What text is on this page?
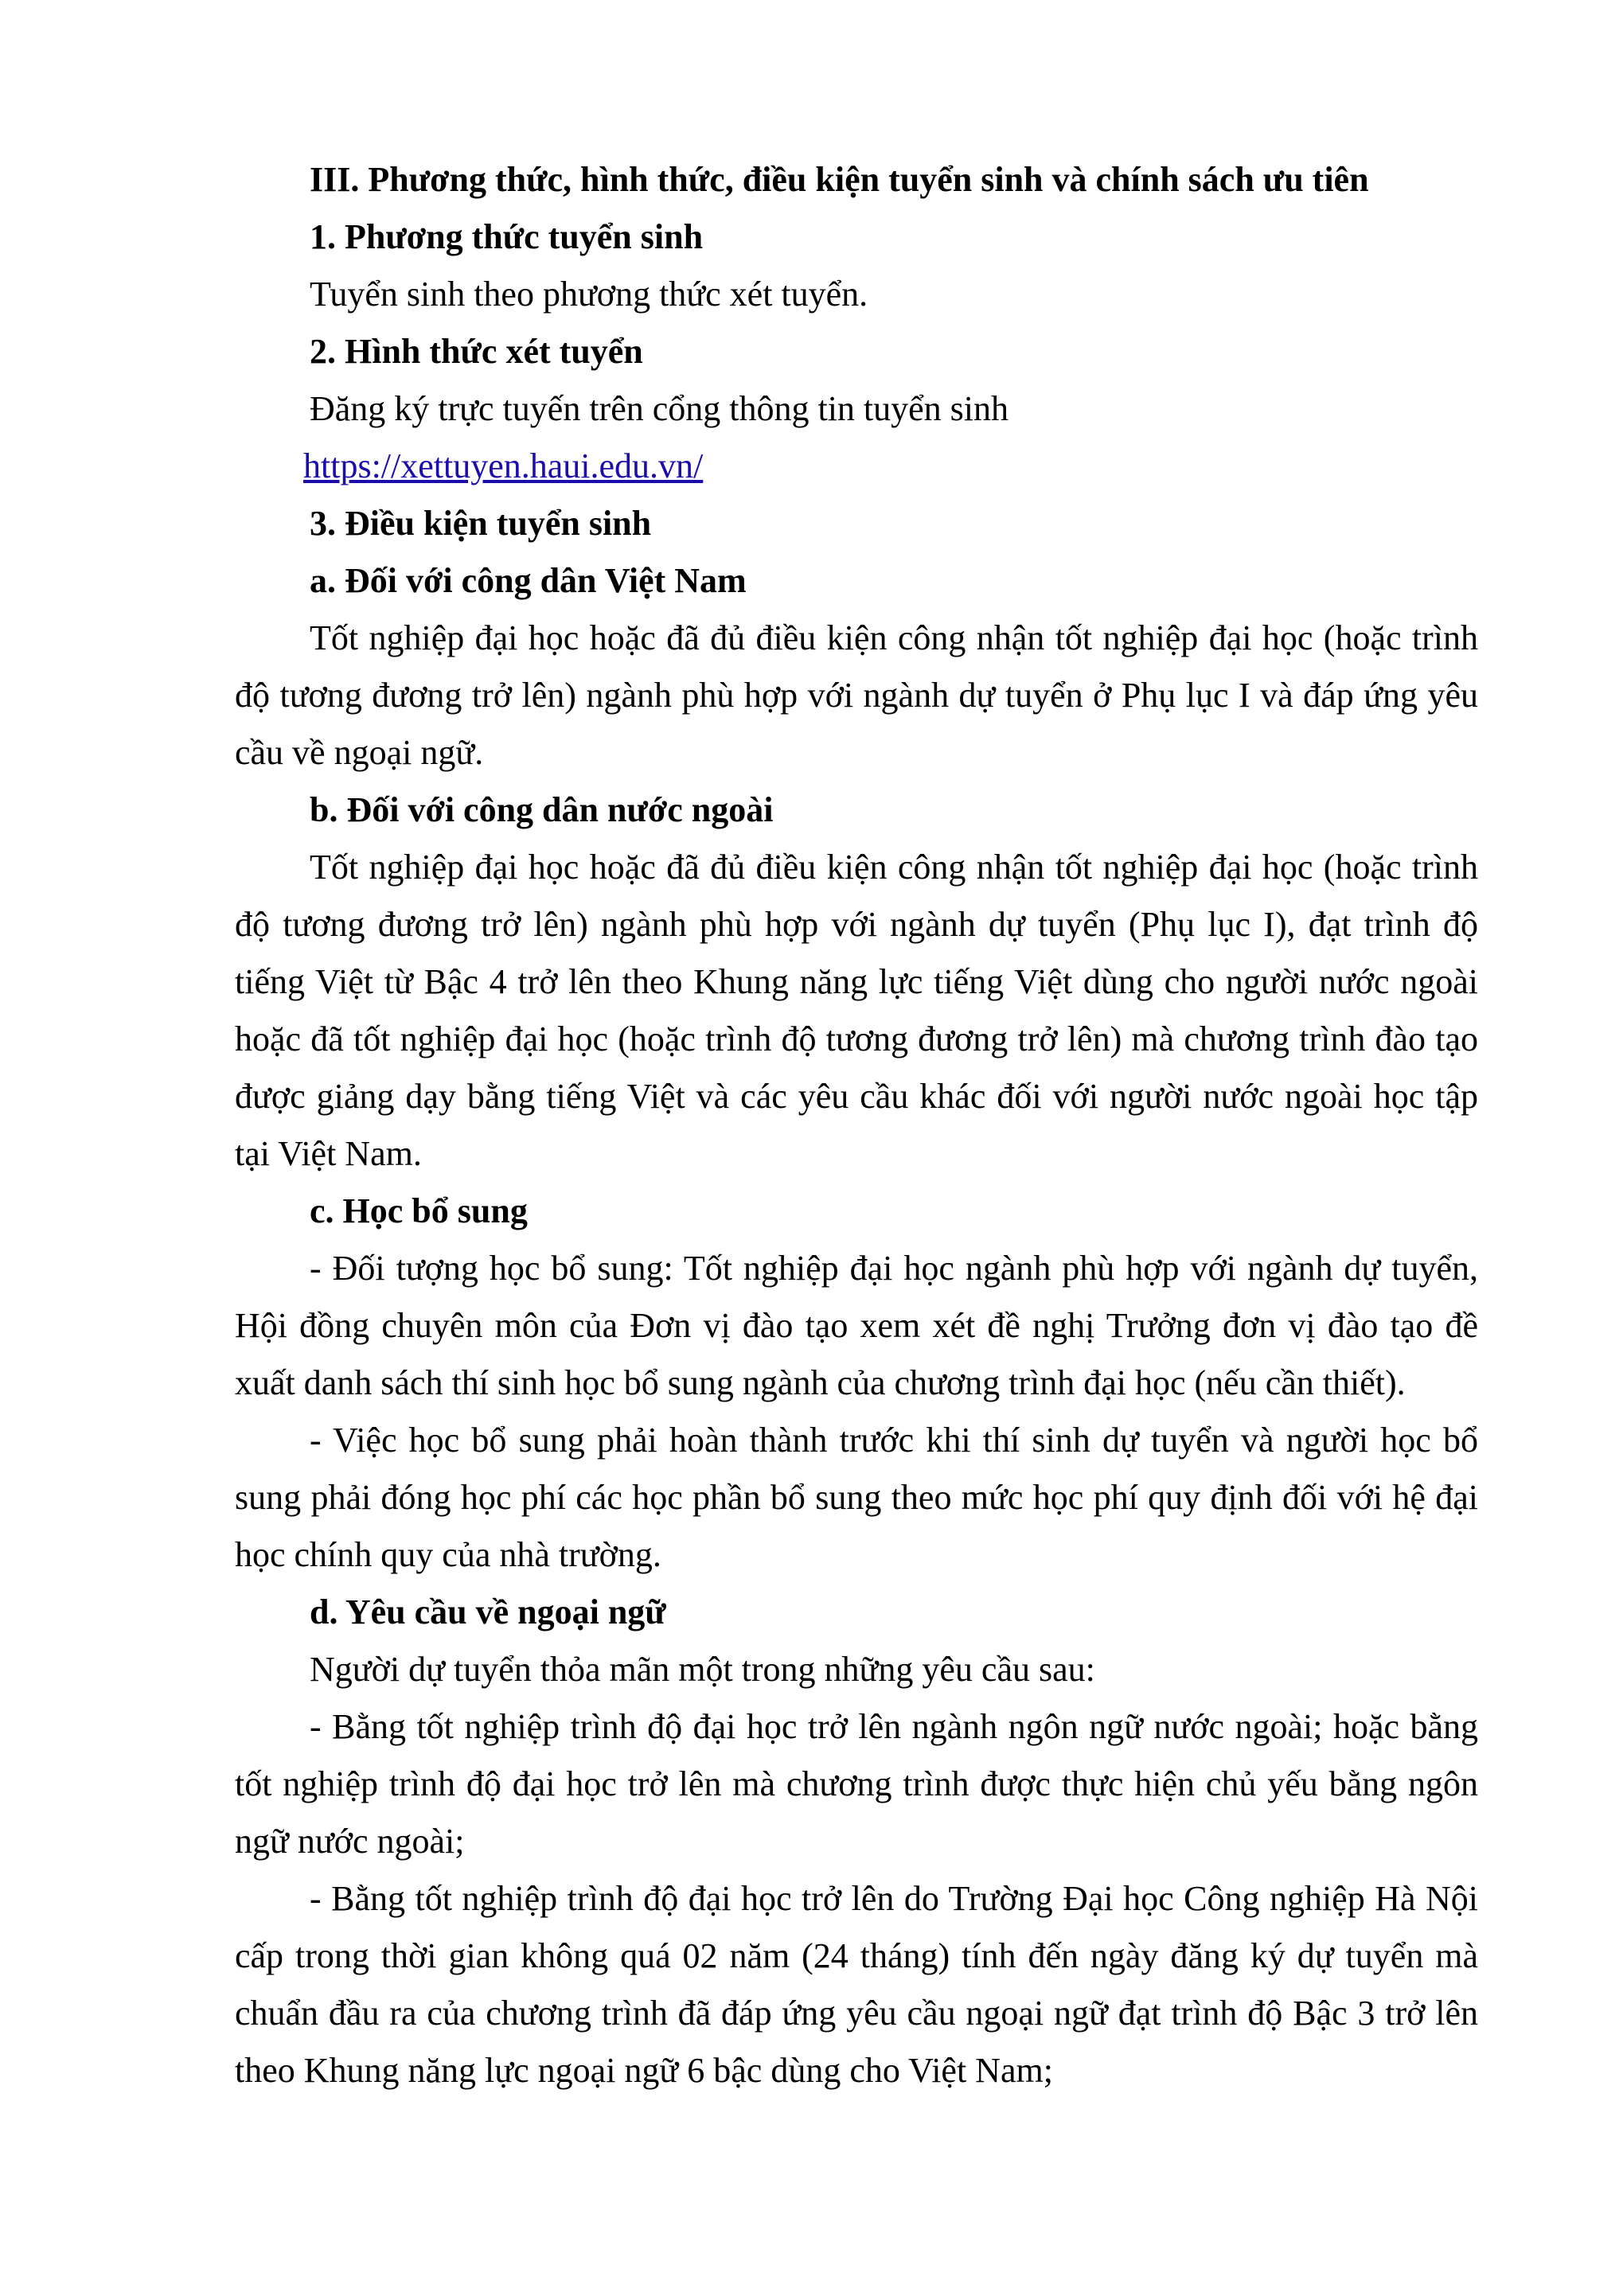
III. Phương thức, hình thức, điều kiện tuyển sinh và chính sách ưu tiên
1. Phương thức tuyển sinh
Tuyển sinh theo phương thức xét tuyển.
2. Hình thức xét tuyển
Đăng ký trực tuyến trên cổng thông tin tuyển sinh
https://xettuyen.haui.edu.vn/
3. Điều kiện tuyển sinh
a. Đối với công dân Việt Nam

Tốt nghiệp đại học hoặc đã đủ điều kiện công nhận tốt nghiệp đại học (hoặc trình độ tương đương trở lên) ngành phù hợp với ngành dự tuyển ở Phụ lục I và đáp ứng yêu cầu về ngoại ngữ.

b. Đối với công dân nước ngoài

Tốt nghiệp đại học hoặc đã đủ điều kiện công nhận tốt nghiệp đại học (hoặc trình độ tương đương trở lên) ngành phù hợp với ngành dự tuyển (Phụ lục I), đạt trình độ tiếng Việt từ Bậc 4 trở lên theo Khung năng lực tiếng Việt dùng cho người nước ngoài hoặc đã tốt nghiệp đại học (hoặc trình độ tương đương trở lên) mà chương trình đào tạo được giảng dạy bằng tiếng Việt và các yêu cầu khác đối với người nước ngoài học tập tại Việt Nam.

c. Học bổ sung

- Đối tượng học bổ sung: Tốt nghiệp đại học ngành phù hợp với ngành dự tuyển, Hội đồng chuyên môn của Đơn vị đào tạo xem xét đề nghị Trưởng đơn vị đào tạo đề xuất danh sách thí sinh học bổ sung ngành của chương trình đại học (nếu cần thiết).

- Việc học bổ sung phải hoàn thành trước khi thí sinh dự tuyển và người học bổ sung phải đóng học phí các học phần bổ sung theo mức học phí quy định đối với hệ đại học chính quy của nhà trường.

d. Yêu cầu về ngoại ngữ
Người dự tuyển thỏa mãn một trong những yêu cầu sau:

- Bằng tốt nghiệp trình độ đại học trở lên ngành ngôn ngữ nước ngoài; hoặc bằng tốt nghiệp trình độ đại học trở lên mà chương trình được thực hiện chủ yếu bằng ngôn ngữ nước ngoài;

- Bằng tốt nghiệp trình độ đại học trở lên do Trường Đại học Công nghiệp Hà Nội cấp trong thời gian không quá 02 năm (24 tháng) tính đến ngày đăng ký dự tuyển mà chuẩn đầu ra của chương trình đã đáp ứng yêu cầu ngoại ngữ đạt trình độ Bậc 3 trở lên theo Khung năng lực ngoại ngữ 6 bậc dùng cho Việt Nam;
